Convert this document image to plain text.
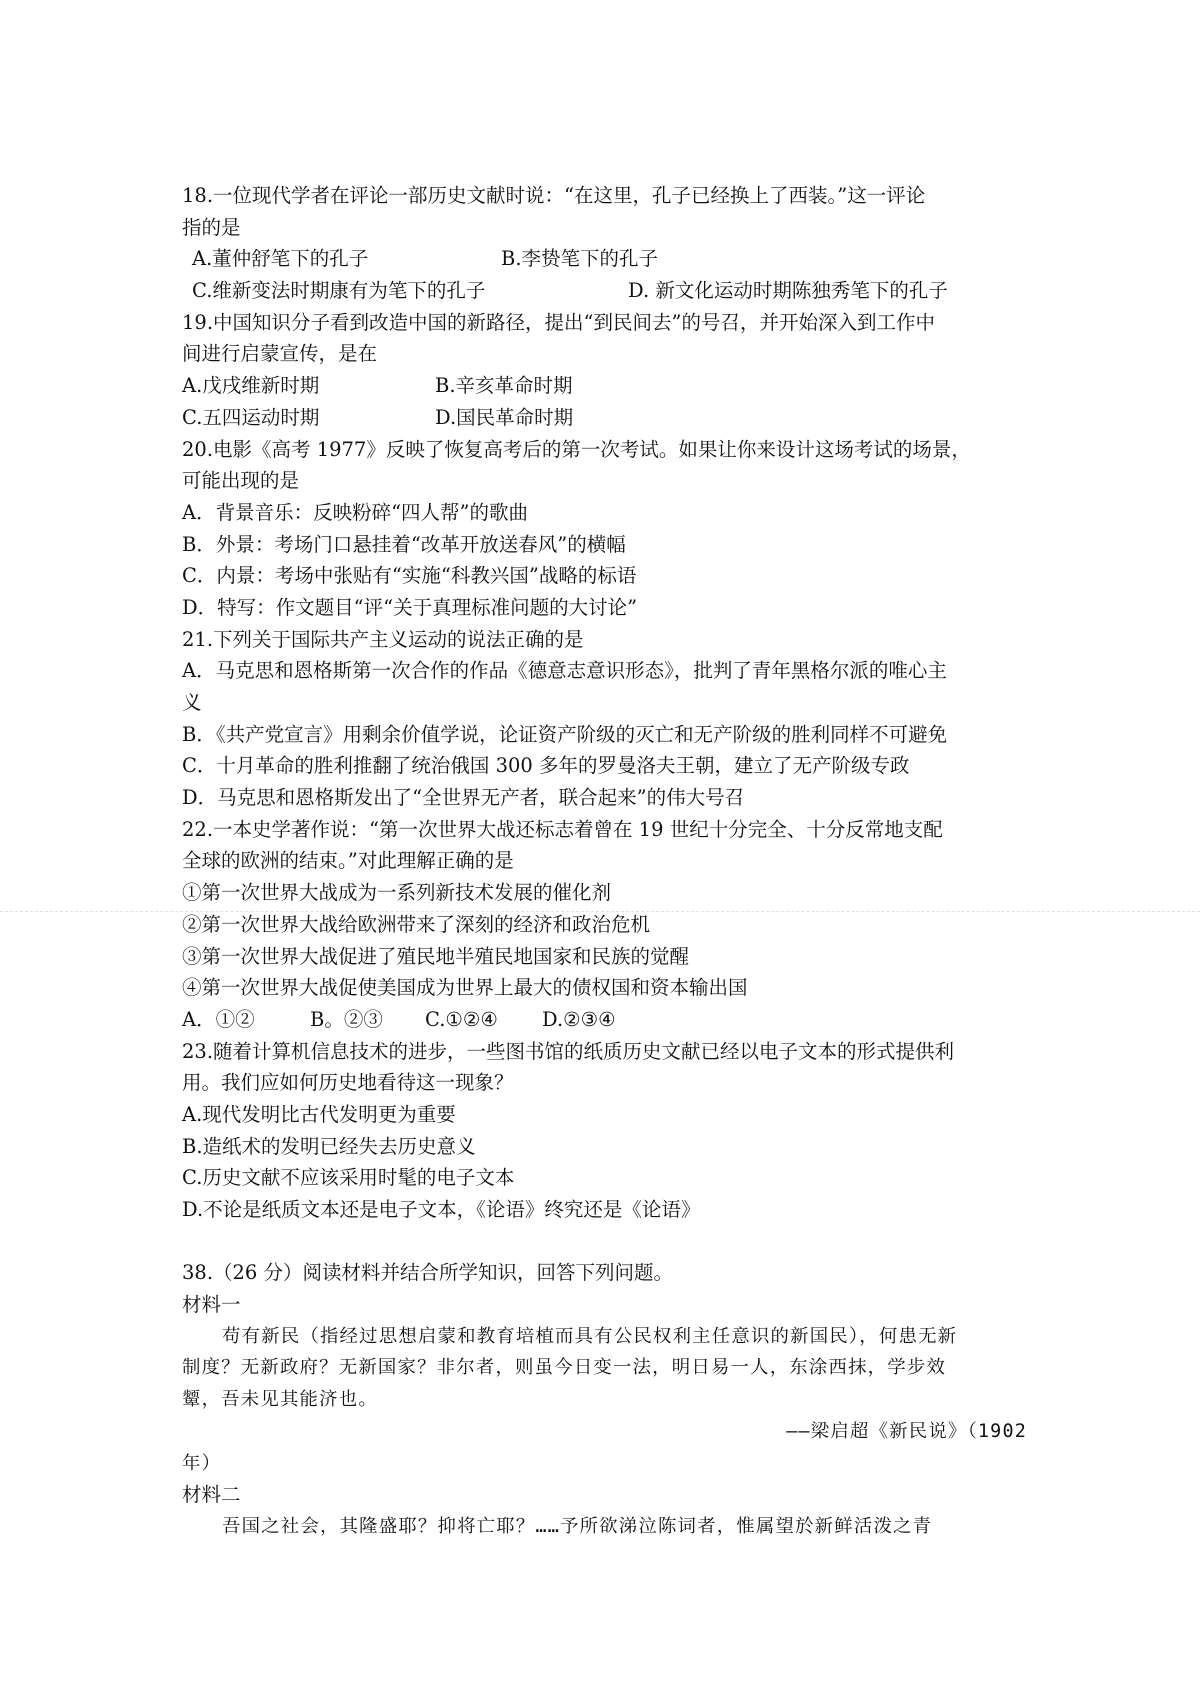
18.一位现代学者在评论一部历史文献时说：“在这里，孔子已经换上了西装。”这一评论
指的是
A.董仲舒笔下的孔子	B.李贽笔下的孔子
C.维新变法时期康有为笔下的孔子	D. 新文化运动时期陈独秀笔下的孔子
19.中国知识分子看到改造中国的新路径，提出“到民间去”的号召，并开始深入到工作中
间进行启蒙宣传，是在
A.戊戌维新时期	B.辛亥革命时期
C.五四运动时期	D.国民革命时期
20.电影《高考 1977》反映了恢复高考后的第一次考试。如果让你来设计这场考试的场景，
可能出现的是
A．背景音乐：反映粉碎“四人帮”的歌曲
B．外景：考场门口悬挂着“改革开放送春风”的横幅
C．内景：考场中张贴有“实施“科教兴国”战略的标语
D．特写：作文题目“评“关于真理标准问题的大讨论”
21.下列关于国际共产主义运动的说法正确的是
A．马克思和恩格斯第一次合作的作品《德意志意识形态》，批判了青年黑格尔派的唯心主
义
B．《共产党宣言》用剩余价值学说，论证资产阶级的灭亡和无产阶级的胜利同样不可避免
C．十月革命的胜利推翻了统治俄国 300 多年的罗曼洛夫王朝，建立了无产阶级专政
D．马克思和恩格斯发出了“全世界无产者，联合起来”的伟大号召
22.一本史学著作说：“第一次世界大战还标志着曾在 19 世纪十分完全、十分反常地支配
全球的欧洲的结束。”对此理解正确的是
①第一次世界大战成为一系列新技术发展的催化剂
②第一次世界大战给欧洲带来了深刻的经济和政治危机
③第一次世界大战促进了殖民地半殖民地国家和民族的觉醒
④第一次世界大战促使美国成为世界上最大的债权国和资本输出国
A．①②	B。②③ C.①②④ D.②③④
23.随着计算机信息技术的进步，一些图书馆的纸质历史文献已经以电子文本的形式提供利
用。我们应如何历史地看待这一现象？
A.现代发明比古代发明更为重要
B.造纸术的发明已经失去历史意义
C.历史文献不应该采用时髦的电子文本
D.不论是纸质文本还是电子文本，《论语》终究还是《论语》
38.（26 分）阅读材料并结合所学知识，回答下列问题。
材料一
苟有新民（指经过思想启蒙和教育培植而具有公民权利主任意识的新国民），何患无新
制度？无新政府？无新国家？非尔者，则虽今日变一法，明日易一人，东涂西抹，学步效
颦，吾未见其能济也。
——梁启超《新民说》（1902
年）
材料二
吾国之社会，其隆盛耶？抑将亡耶？……予所欲涕泣陈词者，惟属望於新鲜活泼之青
